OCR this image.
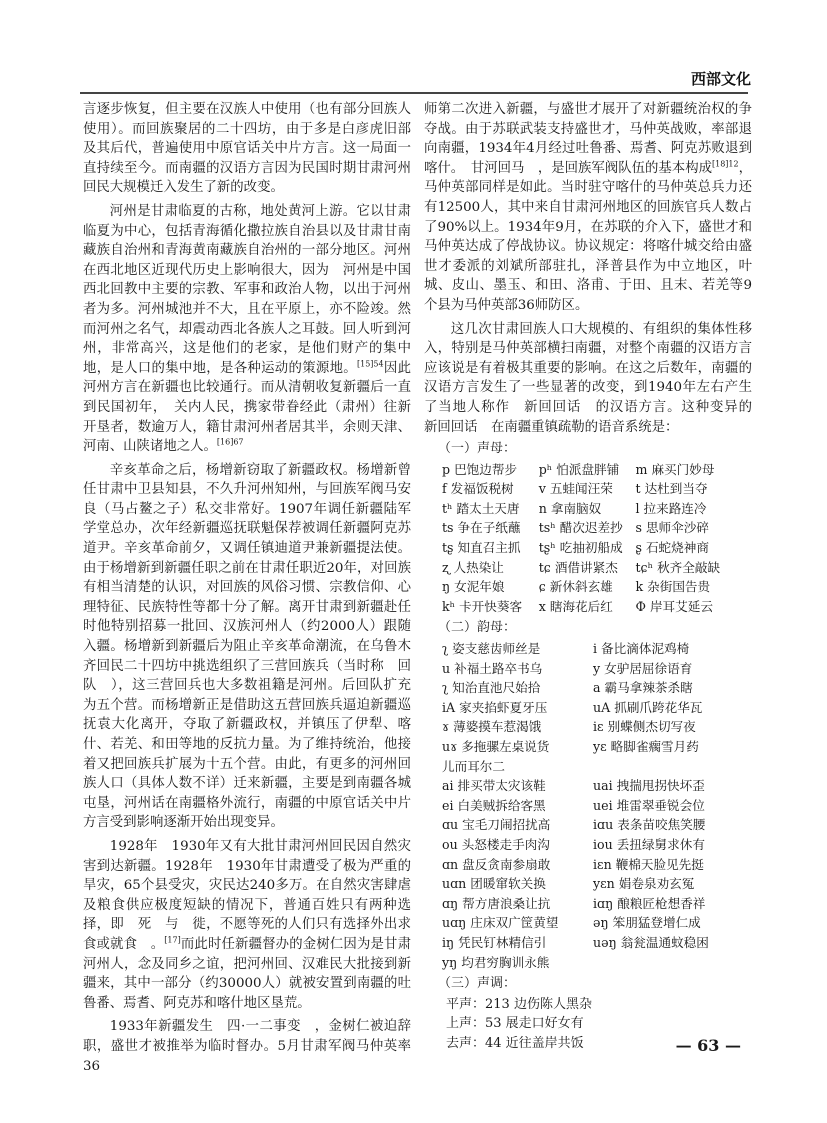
西部文化

言逐步恢复，但主要在汉族人中使用（也有部分回族人使用）。而回族聚居的二十四坊，由于多是白彦虎旧部及其后代，普遍使用中原官话关中片方言。这一局面一直持续至今。而南疆的汉语方言因为民国时期甘肃河州回民大规模迁入发生了新的改变。

河州是甘肃临夏的古称，地处黄河上游。它以甘肃临夏为中心，包括青海循化撒拉族自治县以及甘肃甘南藏族自治州和青海黄南藏族自治州的一部分地区。河州在西北地区近现代历史上影响很大，因为　河州是中国西北回教中主要的宗教、军事和政治人物，以出于河州者为多。河州城池并不大，且在平原上，亦不险竣。然而河州之名气，却震动西北各族人之耳鼓。回人听到河州，非常高兴，这是他们的老家，是他们财产的集中地，是人口的集中地，是各种运动的策源地。$^{[15]54}$因此河州方言在新疆也比较通行。而从清朝收复新疆后一直到民国初年，　关内人民，携家带眷经此（肃州）往新开垦者，数逾万人，籍甘肃河州者居其半，余则天津、河南、山陕诸地之人。$^{[16]67}$

辛亥革命之后，杨增新窃取了新疆政权。杨增新曾任甘肃中卫县知县，不久升河州知州，与回族军阀马安良（马占鳌之子）私交非常好。1907年调任新疆陆军学堂总办，次年经新疆巡抚联魁保荐被调任新疆阿克苏道尹。辛亥革命前夕，又调任镇迪道尹兼新疆提法使。由于杨增新到新疆任职之前在甘肃任职近20年，对回族有相当清楚的认识，对回族的风俗习惯、宗教信仰、心理特征、民族特性等都十分了解。离开甘肃到新疆赴任时他特别招募一批回、汉族河州人（约2000人）跟随入疆。杨增新到新疆后为阻止辛亥革命潮流，在乌鲁木齐回民二十四坊中挑选组织了三营回族兵（当时称　回队　），这三营回兵也大多数祖籍是河州。后回队扩充为五个营。而杨增新正是借助这五营回族兵逼迫新疆巡抚袁大化离开，夺取了新疆政权，并镇压了伊犁、喀什、若羌、和田等地的反抗力量。为了维持统治，他接着又把回族兵扩展为十五个营。由此，有更多的河州回族人口（具体人数不详）迁来新疆，主要是到南疆各城屯垦，河州话在南疆格外流行，南疆的中原官话关中片方言受到影响逐渐开始出现变异。

1928年　1930年又有大批甘肃河州回民因自然灾害到达新疆。1928年　1930年甘肃遭受了极为严重的旱灾，65个县受灾，灾民达240多万。在自然灾害肆虐及粮食供应极度短缺的情况下，普通百姓只有两种选择，即　死　与　徙，不愿等死的人们只有选择外出求食或就食　。[17]而此时任新疆督办的金树仁因为是甘肃河州人，念及同乡之谊，把河州回、汉难民大批接到新疆来，其中一部分（约30000人）就被安置到南疆的吐鲁番、焉耆、阿克苏和喀什地区垦荒。

1933年新疆发生　四·一二事变　，金树仁被迫辞职，盛世才被推举为临时督办。5月甘肃军阀马仲英率36

师第二次进入新疆，与盛世才展开了对新疆统治权的争夺战。由于苏联武装支持盛世才，马仲英战败，率部退向南疆，1934年4月经过吐鲁番、焉耆、阿克苏败退到喀什。　甘河回马　，是回族军阀队伍的基本构成$^{[18]12}$，马仲英部同样是如此。当时驻守喀什的马仲英总兵力还有12500人，其中来自甘肃河州地区的回族官兵人数占了90%以上。1934年9月，在苏联的介入下，盛世才和马仲英达成了停战协议。协议规定：将喀什城交给由盛世才委派的刘斌所部驻扎，泽普县作为中立地区，叶城、皮山、墨玉、和田、洛甫、于田、且末、若羌等9个县为马仲英部36师防区。

这几次甘肃回族人口大规模的、有组织的集体性移入，特别是马仲英部横扫南疆，对整个南疆的汉语方言应该说是有着极其重要的影响。在这之后数年，南疆的汉语方言发生了一些显著的改变，到1940年左右产生了当地人称作　新回回话　的汉语方言。这种变异的　新回回话　在南疆重镇疏勒的语音系统是：

（一）声母：
p 巴饱边帮步	pʰ 怕派盘胖铺	m 麻买门妙母
f 发福饭税树	v 五蛙闻汪荣	t 达杜到当夺
tʰ 踏太土天唐	n 拿南脑奴	l 拉来路连冷
ts 争在子纸蘸	tsʰ 醋次迟差抄	s 思师伞沙碎
tʂ 知直召主抓	tʂʰ 吃抽初船成	ʂ 石蛇烧神商
ʐ 人热染让	tɕ 酒借讲紧杰	tɕʰ 秋齐全敲缺
ŋ 女泥年娘	ɕ 新休斜玄雄	k 杂街国告贵
kʰ 卡开快葵客	x 瞎海花后红	Ф 岸耳艾延云
（二）韵母：
ʅ 姿支慈齿师丝是	i 备比滴体泥鸡椅
u 补福土路卒书乌	y 女驴居屈徐语育
ʅ 知治直池尺始拾	a 霸马拿辣茶杀瞎
iA 家夹掐虾夏牙压	uA 抓刷爪跨花华瓦
ɤ 薄婆摸车惹渴饿	iɛ 别蝶侧杰切写夜
uɤ 多拖骡左桌说货	yɛ 略脚雀瘸雪月药
儿而耳尔二
ai 排买带太灾该鞋	uai 拽揣甩拐快坏歪
ei 白美贼拆给客黑	uei 堆雷翠垂锐会位
ɑu 宝毛刀闹招扰高	iɑu 表条苗咬焦笑腰
ou 头怒楼走手肉沟	iou 丢扭绿舅求休有
ɑn 盘反贪南参扇敢	iɛn 鞭棉天脸见先挺
uɑn 团暖窜软关换	yɛn 娟卷泉劝玄冤
ɑŋ 帮方唐浪桑让抗	iɑŋ 酿粮匠枪想香祥
uɑŋ 庄床双广筐黄望	əŋ 笨朋猛登增仁成
iŋ 凭民钉林精信引	uəŋ 翁瓮温通蚊稳困
yŋ 均君穷胸训永熊
（三）声调：
平声：213 边伤陈人黑杂
上声：53 展走口好女有
去声：44 近往盖岸共饭	— 63 —
